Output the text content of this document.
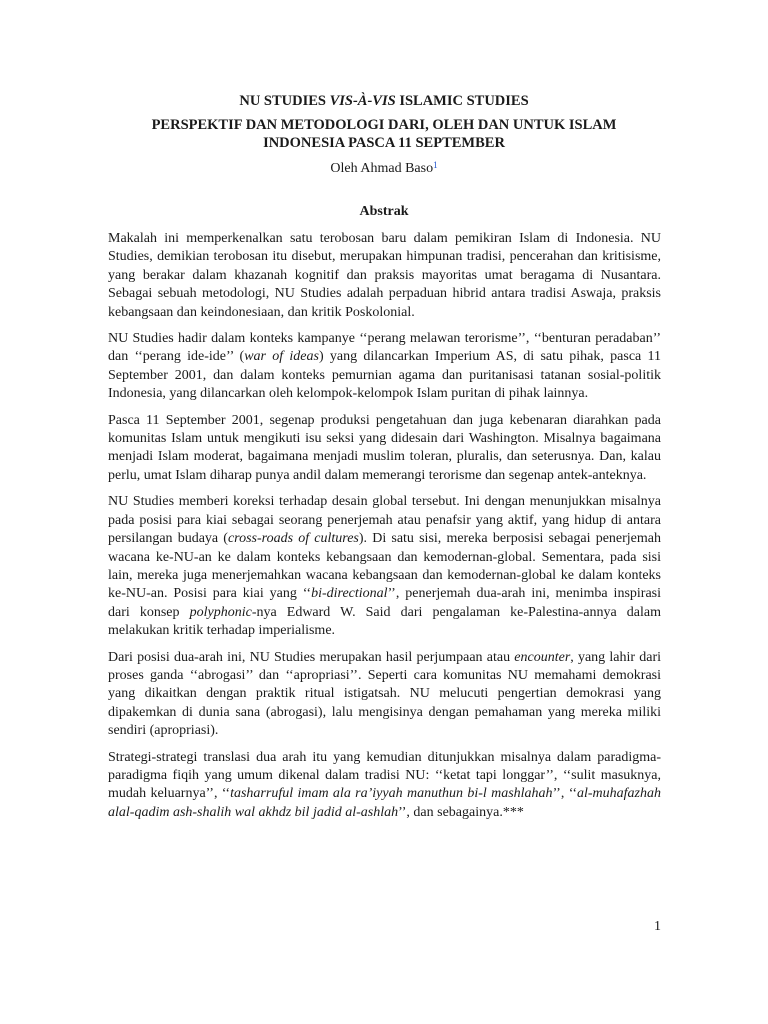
NU STUDIES VIS-À-VIS ISLAMIC STUDIES
PERSPEKTIF DAN METODOLOGI DARI, OLEH DAN UNTUK ISLAM INDONESIA PASCA 11 SEPTEMBER
Oleh Ahmad Baso$^1$
Abstrak

Makalah ini memperkenalkan satu terobosan baru dalam pemikiran Islam di Indonesia. NU Studies, demikian terobosan itu disebut, merupakan himpunan tradisi, pencerahan dan kritisisme, yang berakar dalam khazanah kognitif dan praksis mayoritas umat beragama di Nusantara. Sebagai sebuah metodologi, NU Studies adalah perpaduan hibrid antara tradisi Aswaja, praksis kebangsaan dan keindonesiaan, dan kritik Poskolonial.

NU Studies hadir dalam konteks kampanye ‘‘perang melawan terorisme’’, ‘‘benturan peradaban’’ dan ‘‘perang ide-ide’’ (war of ideas) yang dilancarkan Imperium AS, di satu pihak, pasca 11 September 2001, dan dalam konteks pemurnian agama dan puritanisasi tatanan sosial-politik Indonesia, yang dilancarkan oleh kelompok-kelompok Islam puritan di pihak lainnya.

Pasca 11 September 2001, segenap produksi pengetahuan dan juga kebenaran diarahkan pada komunitas Islam untuk mengikuti isu seksi yang didesain dari Washington. Misalnya bagaimana menjadi Islam moderat, bagaimana menjadi muslim toleran, pluralis, dan seterusnya. Dan, kalau perlu, umat Islam diharap punya andil dalam memerangi terorisme dan segenap antek-anteknya.

NU Studies memberi koreksi terhadap desain global tersebut. Ini dengan menunjukkan misalnya pada posisi para kiai sebagai seorang penerjemah atau penafsir yang aktif, yang hidup di antara persilangan budaya (cross-roads of cultures). Di satu sisi, mereka berposisi sebagai penerjemah wacana ke-NU-an ke dalam konteks kebangsaan dan kemodernan-global. Sementara, pada sisi lain, mereka juga menerjemahkan wacana kebangsaan dan kemodernan-global ke dalam konteks ke-NU-an. Posisi para kiai yang ‘‘bi-directional’’, penerjemah dua-arah ini, menimba inspirasi dari konsep polyphonic-nya Edward W. Said dari pengalaman ke-Palestina-annya dalam melakukan kritik terhadap imperialisme.

Dari posisi dua-arah ini, NU Studies merupakan hasil perjumpaan atau encounter, yang lahir dari proses ganda ‘‘abrogasi’’ dan ‘‘apropriasi’’. Seperti cara komunitas NU memahami demokrasi yang dikaitkan dengan praktik ritual istigatsah. NU melucuti pengertian demokrasi yang dipakemkan di dunia sana (abrogasi), lalu mengisinya dengan pemahaman yang mereka miliki sendiri (apropriasi).

Strategi-strategi translasi dua arah itu yang kemudian ditunjukkan misalnya dalam paradigma-paradigma fiqih yang umum dikenal dalam tradisi NU: ‘‘ketat tapi longgar’’, ‘‘sulit masuknya, mudah keluarnya’’, ‘‘tasharruful imam ala ra’iyyah manuthun bi-l mashlahah’’, ‘‘al-muhafazhah alal-qadim ash-shalih wal akhdz bil jadid al-ashlah’’, dan sebagainya.***

1
